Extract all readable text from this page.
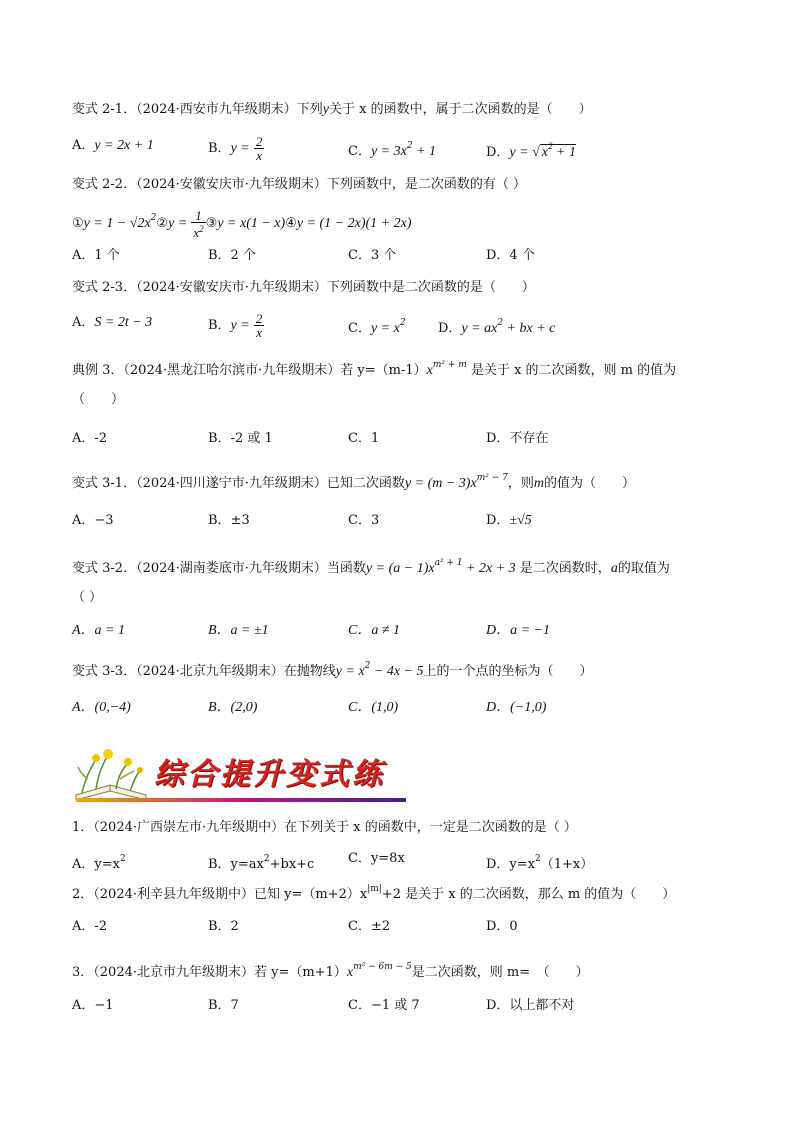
变式 2-1．（2024·西安市九年级期末）下列y关于 x 的函数中，属于二次函数的是（　　）
A．y = 2x + 1	B．$y = \frac{2}{x}$	C．$y = 3x^2 + 1$	D．y = √ $x^2 + 1$
变式 2-2．（2024·安徽安庆市·九年级期末）下列函数中，是二次函数的有（ ）
①y = $1 - √2x^2②y = \frac{1}{x^2}$ ③y = x(1 − x)④y = (1 − 2x)(1 + 2x)
A．1 个	B．2 个	C．3 个	D．4 个
变式 2-3．（2024·安徽安庆市·九年级期末）下列函数中是二次函数的是（　　）
A．S = 2t − 3	B．$y = \frac{2}{x}$	C．$y = x^2$ D．$y = ax^2$ + bx + c
典例 3．（2024·黑龙江哈尔滨市·九年级期末）若 $y=(m-1)x^{m^2 + m}$ 是关于 x 的二次函数，则 m 的值为
（　　）
A．-2	B．-2 或 1	C．1	D．不存在
变式 3-1．（2024·四川遂宁市·九年级期末）已知二次函数$y = (m - 3)x^{m^2 - 7}$，则m的值为（　　）
A．−3	B．±3	C．3	D．±√5
变式 3-2．（2024·湖南娄底市·九年级期末）当函数$y = (a - 1)x^{a^2 + 1} + 2x + 3$ 是二次函数时，a的取值为
（ ）
A．a = 1	B．a = ±1	C．a ≠ 1	D．a = −1
变式 3-3．（2024·北京九年级期末）在抛物线$y = x^2 - 4x - 5$上的一个点的坐标为（　　）
A．(0,−4)	B．(2,0)	C．(1,0)	D．(−1,0)
综合提升变式练
1．（2024·广西崇左市·九年级期中）在下列关于 x 的函数中，一定是二次函数的是（ ）
A．$y=x^2$	B．$y=ax^2+bx+c$	C．y=8x	D．$y=x^2(1+x)$
2．（2024·利辛县九年级期中）已知 $y=(m+2)x^{|m|}+2$ 是关于 x 的二次函数，那么 m 的值为（　　）
A．-2	B．2	C．±2	D．0
3．（2024·北京市九年级期末）若 $y=(m+1)x^{m^2 - 6m - 5}$是二次函数，则 m=　（　　）
A．−1	B．7	C．−1 或 7	D．以上都不对
